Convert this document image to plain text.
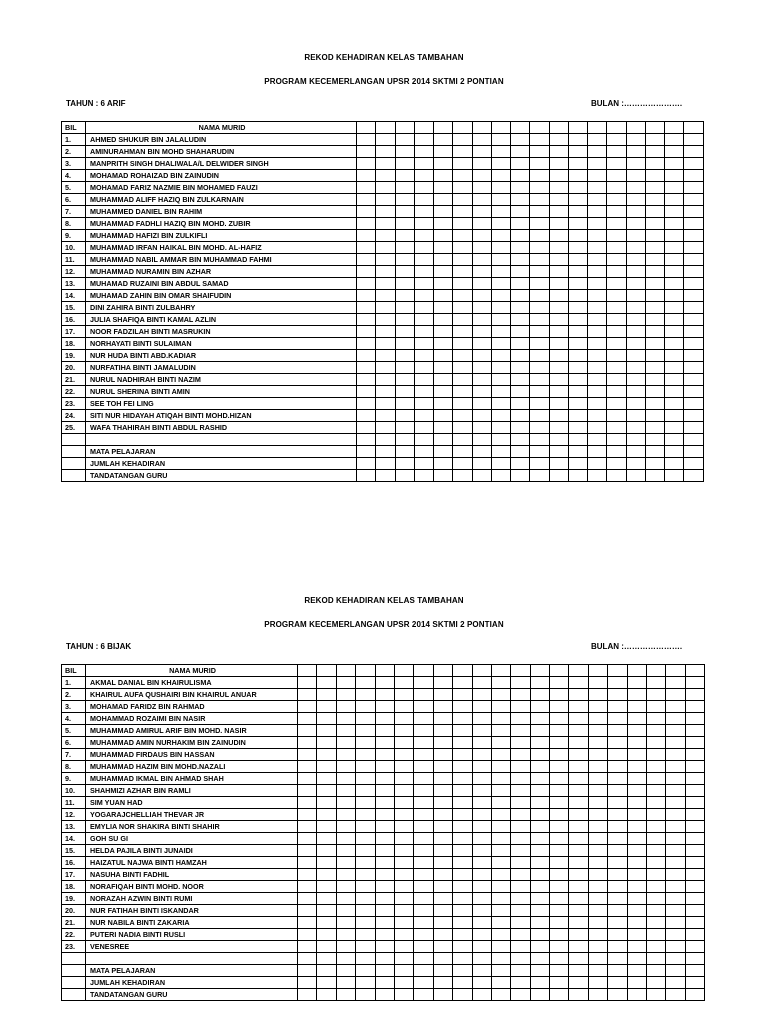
REKOD KEHADIRAN KELAS TAMBAHAN
PROGRAM KECEMERLANGAN UPSR 2014 SKTMI 2 PONTIAN
TAHUN : 6 ARIF	BULAN :………………….
BIL	NAMA MURID																		
1.	AHMED SHUKUR BIN JALALUDIN																		
2.	AMINURAHMAN BIN MOHD SHAHARUDIN																		
3.	MANPRITH SINGH DHALIWALA/L DELWIDER SINGH																		
4.	MOHAMAD ROHAIZAD BIN ZAINUDIN																		
5.	MOHAMAD FARIZ NAZMIE BIN MOHAMED FAUZI																		
6.	MUHAMMAD ALIFF HAZIQ BIN ZULKARNAIN																		
7.	MUHAMMED DANIEL BIN RAHIM																		
8.	MUHAMMAD FADHLI HAZIQ BIN MOHD. ZUBIR																		
9.	MUHAMMAD HAFIZI BIN ZULKIFLI																		
10.	MUHAMMAD IRFAN HAIKAL BIN MOHD. AL-HAFIZ																		
11.	MUHAMMAD NABIL AMMAR BIN MUHAMMAD FAHMI																		
12.	MUHAMMAD NURAMIN BIN AZHAR																		
13.	MUHAMAD RUZAINI BIN ABDUL SAMAD																		
14.	MUHAMAD ZAHIN BIN OMAR SHAIFUDIN																		
15.	DINI ZAHIRA BINTI ZULBAHRY																		
16.	JULIA SHAFIQA BINTI KAMAL AZLIN																		
17.	NOOR FADZILAH BINTI MASRUKIN																		
18.	NORHAYATI BINTI SULAIMAN																		
19.	NUR HUDA BINTI ABD.KADIAR																		
20.	NURFATIHA BINTI JAMALUDIN																		
21.	NURUL NADHIRAH BINTI NAZIM																		
22.	NURUL SHERINA BINTI AMIN																		
23.	SEE TOH FEI LING																		
24.	SITI NUR HIDAYAH ATIQAH BINTI MOHD.HIZAN																		
25.	WAFA THAHIRAH BINTI ABDUL RASHID																		

	MATA PELAJARAN																		
	JUMLAH KEHADIRAN																		
	TANDATANGAN GURU																		
REKOD KEHADIRAN KELAS TAMBAHAN
PROGRAM KECEMERLANGAN UPSR 2014 SKTMI 2 PONTIAN
TAHUN : 6 BIJAK	BULAN :………………….
BIL	NAMA MURID																					
1.	AKMAL DANIAL BIN KHAIRULISMA																					
2.	KHAIRUL AUFA QUSHAIRI BIN KHAIRUL ANUAR																					
3.	MOHAMAD FARIDZ BIN RAHMAD																					
4.	MOHAMMAD ROZAIMI BIN NASIR																					
5.	MUHAMMAD AMIRUL ARIF BIN MOHD. NASIR																					
6.	MUHAMMAD AMIN NURHAKIM BIN ZAINUDIN																					
7.	MUHAMMAD FIRDAUS BIN HASSAN																					
8.	MUHAMMAD HAZIM BIN MOHD.NAZALI																					
9.	MUHAMMAD IKMAL BIN AHMAD SHAH																					
10.	SHAHMIZI AZHAR BIN RAMLI																					
11.	SIM YUAN HAD																					
12.	YOGARAJCHELLIAH THEVAR JR																					
13.	EMYLIA NOR SHAKIRA BINTI SHAHIR																					
14.	GOH SU GI																					
15.	HELDA PAJILA BINTI JUNAIDI																					
16.	HAIZATUL NAJWA BINTI HAMZAH																					
17.	NASUHA BINTI FADHIL																					
18.	NORAFIQAH BINTI MOHD. NOOR																					
19.	NORAZAH AZWIN BINTI RUMI																					
20.	NUR FATIHAH BINTI ISKANDAR																					
21.	NUR NABILA BINTI ZAKARIA																					
22.	PUTERI NADIA BINTI RUSLI																					
23.	VENESREE																					

	MATA PELAJARAN																					
	JUMLAH KEHADIRAN																					
	TANDATANGAN GURU																					
